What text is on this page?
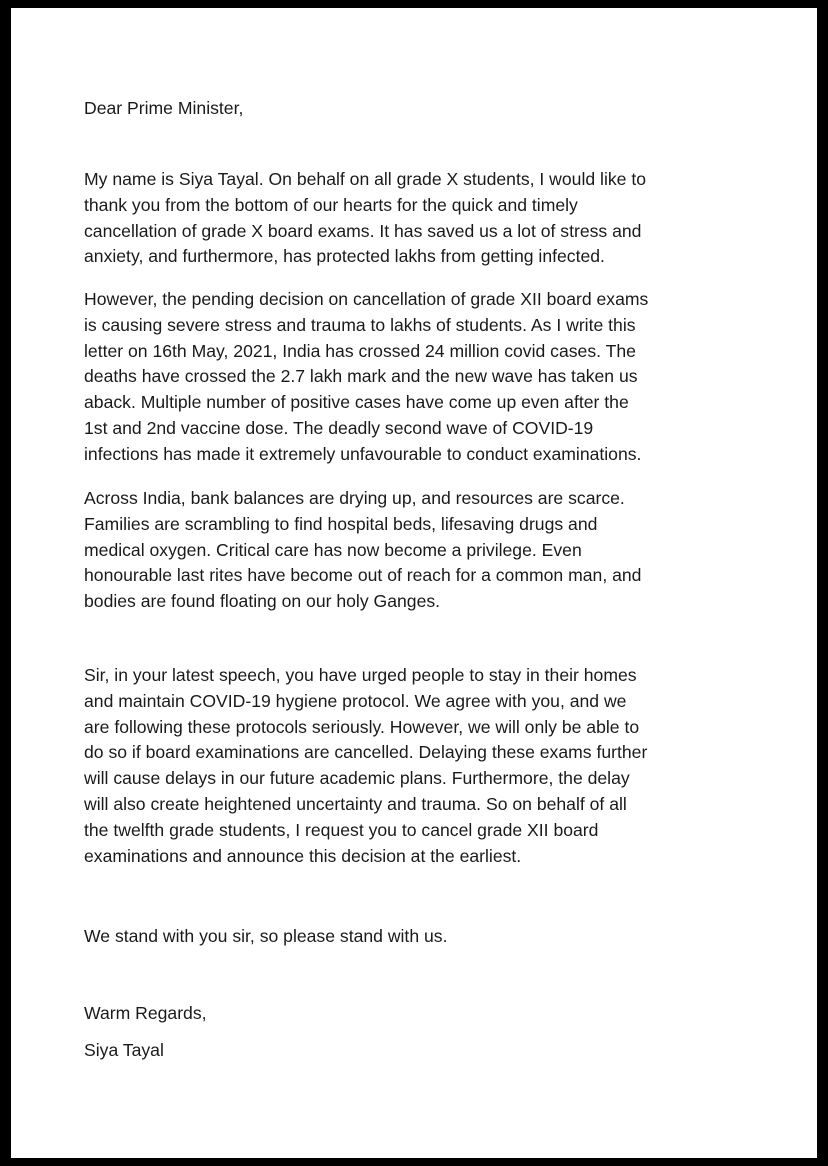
Dear Prime Minister,

My name is Siya Tayal. On behalf on all grade X students, I would like to
thank you from the bottom of our hearts for the quick and timely
cancellation of grade X board exams. It has saved us a lot of stress and
anxiety, and furthermore, has protected lakhs from getting infected.

However, the pending decision on cancellation of grade XII board exams
is causing severe stress and trauma to lakhs of students. As I write this
letter on 16th May, 2021, India has crossed 24 million covid cases. The
deaths have crossed the 2.7 lakh mark and the new wave has taken us
aback. Multiple number of positive cases have come up even after the
1st and 2nd vaccine dose. The deadly second wave of COVID-19
infections has made it extremely unfavourable to conduct examinations.

Across India, bank balances are drying up, and resources are scarce.
Families are scrambling to find hospital beds, lifesaving drugs and
medical oxygen. Critical care has now become a privilege. Even
honourable last rites have become out of reach for a common man, and
bodies are found floating on our holy Ganges.

Sir, in your latest speech, you have urged people to stay in their homes
and maintain COVID-19 hygiene protocol. We agree with you, and we
are following these protocols seriously. However, we will only be able to
do so if board examinations are cancelled. Delaying these exams further
will cause delays in our future academic plans. Furthermore, the delay
will also create heightened uncertainty and trauma. So on behalf of all
the twelfth grade students, I request you to cancel grade XII board
examinations and announce this decision at the earliest.

We stand with you sir, so please stand with us.

Warm Regards,

Siya Tayal
